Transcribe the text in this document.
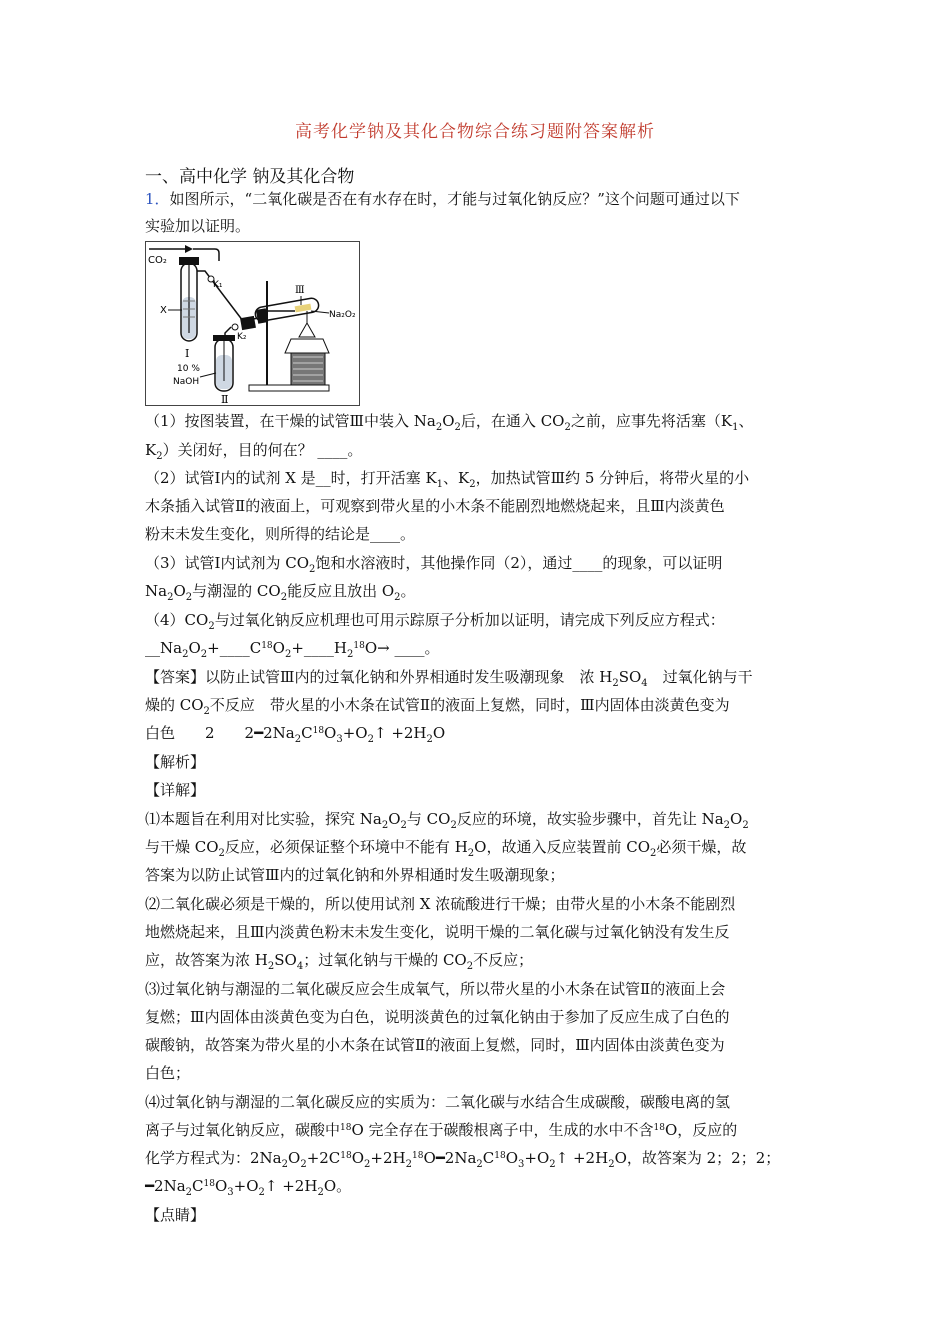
高考化学钠及其化合物综合练习题附答案解析
一、高中化学 钠及其化合物
1．如图所示，“二氧化碳是否在有水存在时，才能与过氧化钠反应？”这个问题可通过以下
实验加以证明。
CO₂
X
Ⅰ
K₁
K₂
Ⅱ
10 %
NaOH
Ⅲ
Na₂O₂
（1）按图装置，在干燥的试管Ⅲ中装入 $Na_2O_2$后，在通入 $CO_2$之前，应事先将活塞（$K_1$、
$K_2$）关闭好，目的何在？ ____。
（2）试管Ⅰ内的试剂 X 是__时，打开活塞 $K_1$、$K_2$，加热试管Ⅲ约 5 分钟后，将带火星的小
木条插入试管Ⅱ的液面上，可观察到带火星的小木条不能剧烈地燃烧起来，且Ⅲ内淡黄色
粉末未发生变化，则所得的结论是____。
（3）试管Ⅰ内试剂为 $CO_2$饱和水溶液时，其他操作同（2），通过____的现象，可以证明
$Na_2O_2$与潮湿的 $CO_2$能反应且放出 $O_2$。
$(4)CO_2$与过氧化钠反应机理也可用示踪原子分析加以证明，请完成下列反应方程式：
$\_\_Na_2O_2+\_\_\_\_C^{18}O_2+\_\_\_\_H_2^{18}O\to$ ____。
【答案】以防止试管Ⅲ内的过氧化钠和外界相通时发生吸潮现象　浓 $H_2SO_4$　过氧化钠与干
燥的 $CO_2$不反应　带火星的小木条在试管Ⅱ的液面上复燃，同时，Ⅲ内固体由淡黄色变为
白色　　2　　$2━2Na_2C^{18}O_3+O_2↑ +2H_2O$
【解析】
【详解】
⑴本题旨在利用对比实验，探究 $Na_2O_2$与 $CO_2$反应的环境，故实验步骤中，首先让 $Na_2O_2$
与干燥 $CO_2$反应，必须保证整个环境中不能有 $H_2O$，故通入反应装置前 $CO_2$必须干燥，故
答案为以防止试管Ⅲ内的过氧化钠和外界相通时发生吸潮现象；
⑵二氧化碳必须是干燥的，所以使用试剂 X 浓硫酸进行干燥；由带火星的小木条不能剧烈
地燃烧起来，且Ⅲ内淡黄色粉末未发生变化，说明干燥的二氧化碳与过氧化钠没有发生反
应，故答案为浓 $H_2SO_4$；过氧化钠与干燥的 $CO_2$不反应；
⑶过氧化钠与潮湿的二氧化碳反应会生成氧气，所以带火星的小木条在试管Ⅱ的液面上会
复燃；Ⅲ内固体由淡黄色变为白色，说明淡黄色的过氧化钠由于参加了反应生成了白色的
碳酸钠，故答案为带火星的小木条在试管Ⅱ的液面上复燃，同时，Ⅲ内固体由淡黄色变为
白色；
⑷过氧化钠与潮湿的二氧化碳反应的实质为：二氧化碳与水结合生成碳酸，碳酸电离的氢
离子与过氧化钠反应，碳酸中$^{18}$O 完全存在于碳酸根离子中，生成的水中不含$^{18}$O，反应的
化学方程式为：$2Na_2O_2+2C^{18}O_2+2H_2^{18}O━2Na_2C^{18}O_3+O_2↑ +2H_2O$，故答案为 2；2；2；
$━2Na_2C^{18}O_3+O_2↑ +2H_2O$。
【点睛】
